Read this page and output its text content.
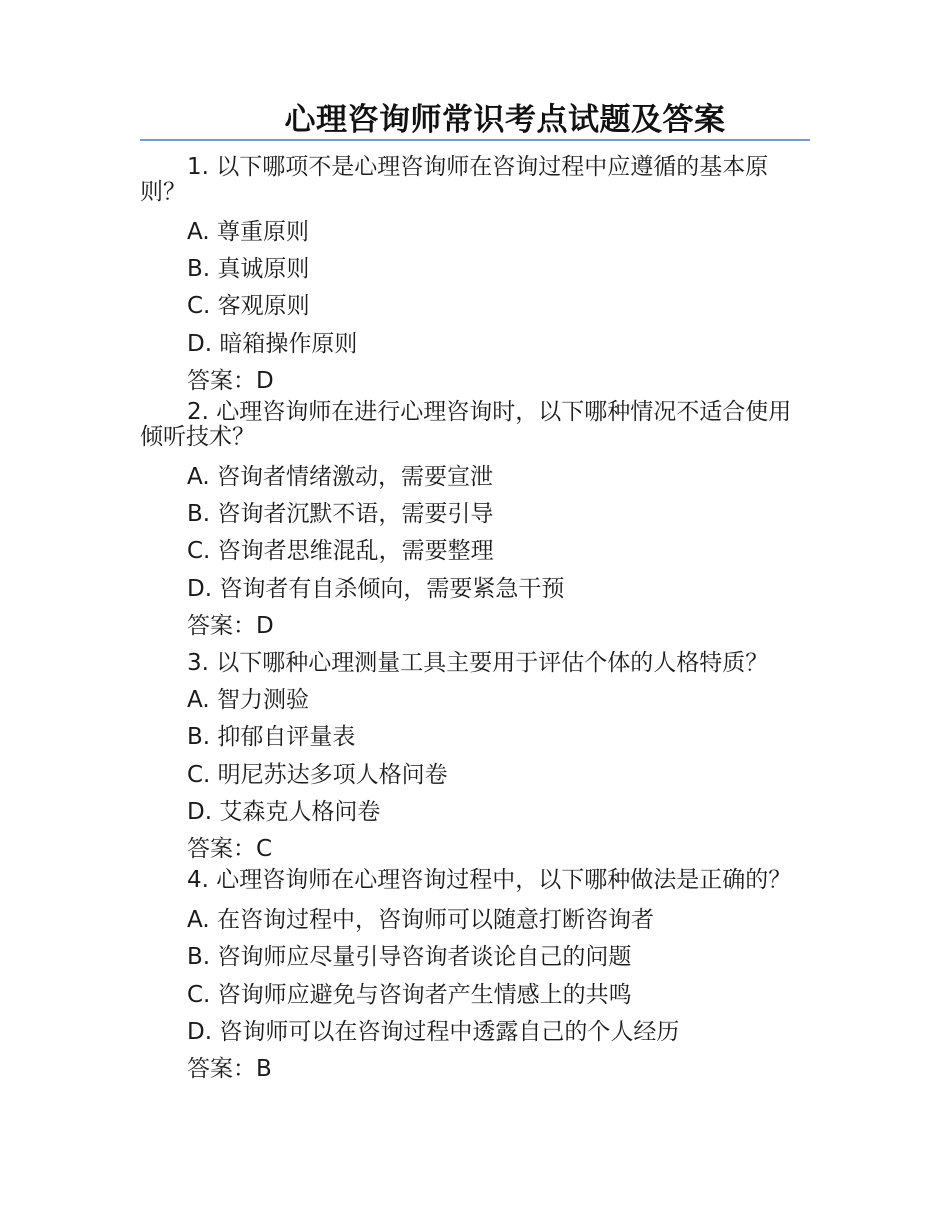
心理咨询师常识考点试题及答案

1. 以下哪项不是心理咨询师在咨询过程中应遵循的基本原则？

A. 尊重原则
B. 真诚原则
C. 客观原则
D. 暗箱操作原则
答案：D

2. 心理咨询师在进行心理咨询时，以下哪种情况不适合使用倾听技术？

A. 咨询者情绪激动，需要宣泄
B. 咨询者沉默不语，需要引导
C. 咨询者思维混乱，需要整理
D. 咨询者有自杀倾向，需要紧急干预
答案：D
3. 以下哪种心理测量工具主要用于评估个体的人格特质？
A. 智力测验
B. 抑郁自评量表
C. 明尼苏达多项人格问卷
D. 艾森克人格问卷
答案：C

4. 心理咨询师在心理咨询过程中，以下哪种做法是正确的？

A. 在咨询过程中，咨询师可以随意打断咨询者
B. 咨询师应尽量引导咨询者谈论自己的问题
C. 咨询师应避免与咨询者产生情感上的共鸣
D. 咨询师可以在咨询过程中透露自己的个人经历
答案：B
